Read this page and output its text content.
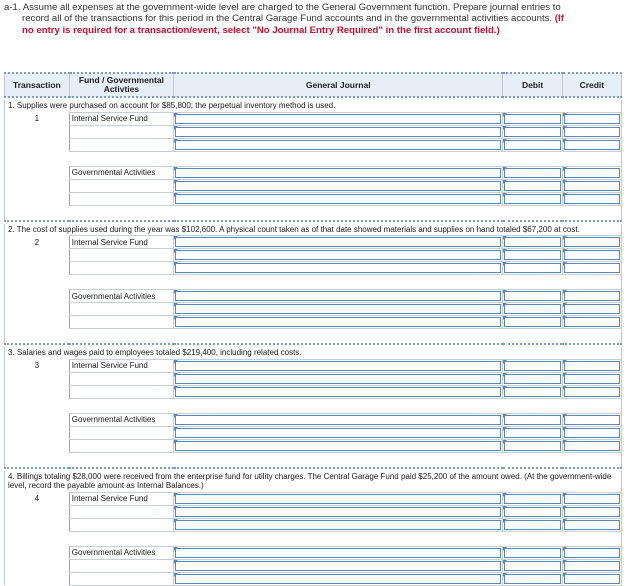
a-1. Assume all expenses at the government-wide level are charged to the General Government function. Prepare journal entries to
record all of the transactions for this period in the Central Garage Fund accounts and in the governmental activities accounts. (If
no entry is required for a transaction/event, select "No Journal Entry Required" in the first account field.)
Transaction	Fund / Governmental Activties	General Journal	Debit	Credit

1. Supplies were purchased on account for $85,800; the perpetual inventory method is used.				
1	Internal Service Fund	

	Governmental Activities	

2. The cost of supplies used during the year was $102,600. A physical count taken as of that date showed materials and supplies on hand totaled $67,200 at cost.				
2	Internal Service Fund	

	Governmental Activities	

3. Salaries and wages paid to employees totaled $219,400, including related costs.				
3	Internal Service Fund	

	Governmental Activities	

4. Billings totaling $28,000 were received from the enterprise fund for utility charges. The Central Garage Fund paid $25,200 of the amount owed. (At the government-wide level, record the payable amount as Internal Balances.)				
4	Internal Service Fund	

	Governmental Activities	
